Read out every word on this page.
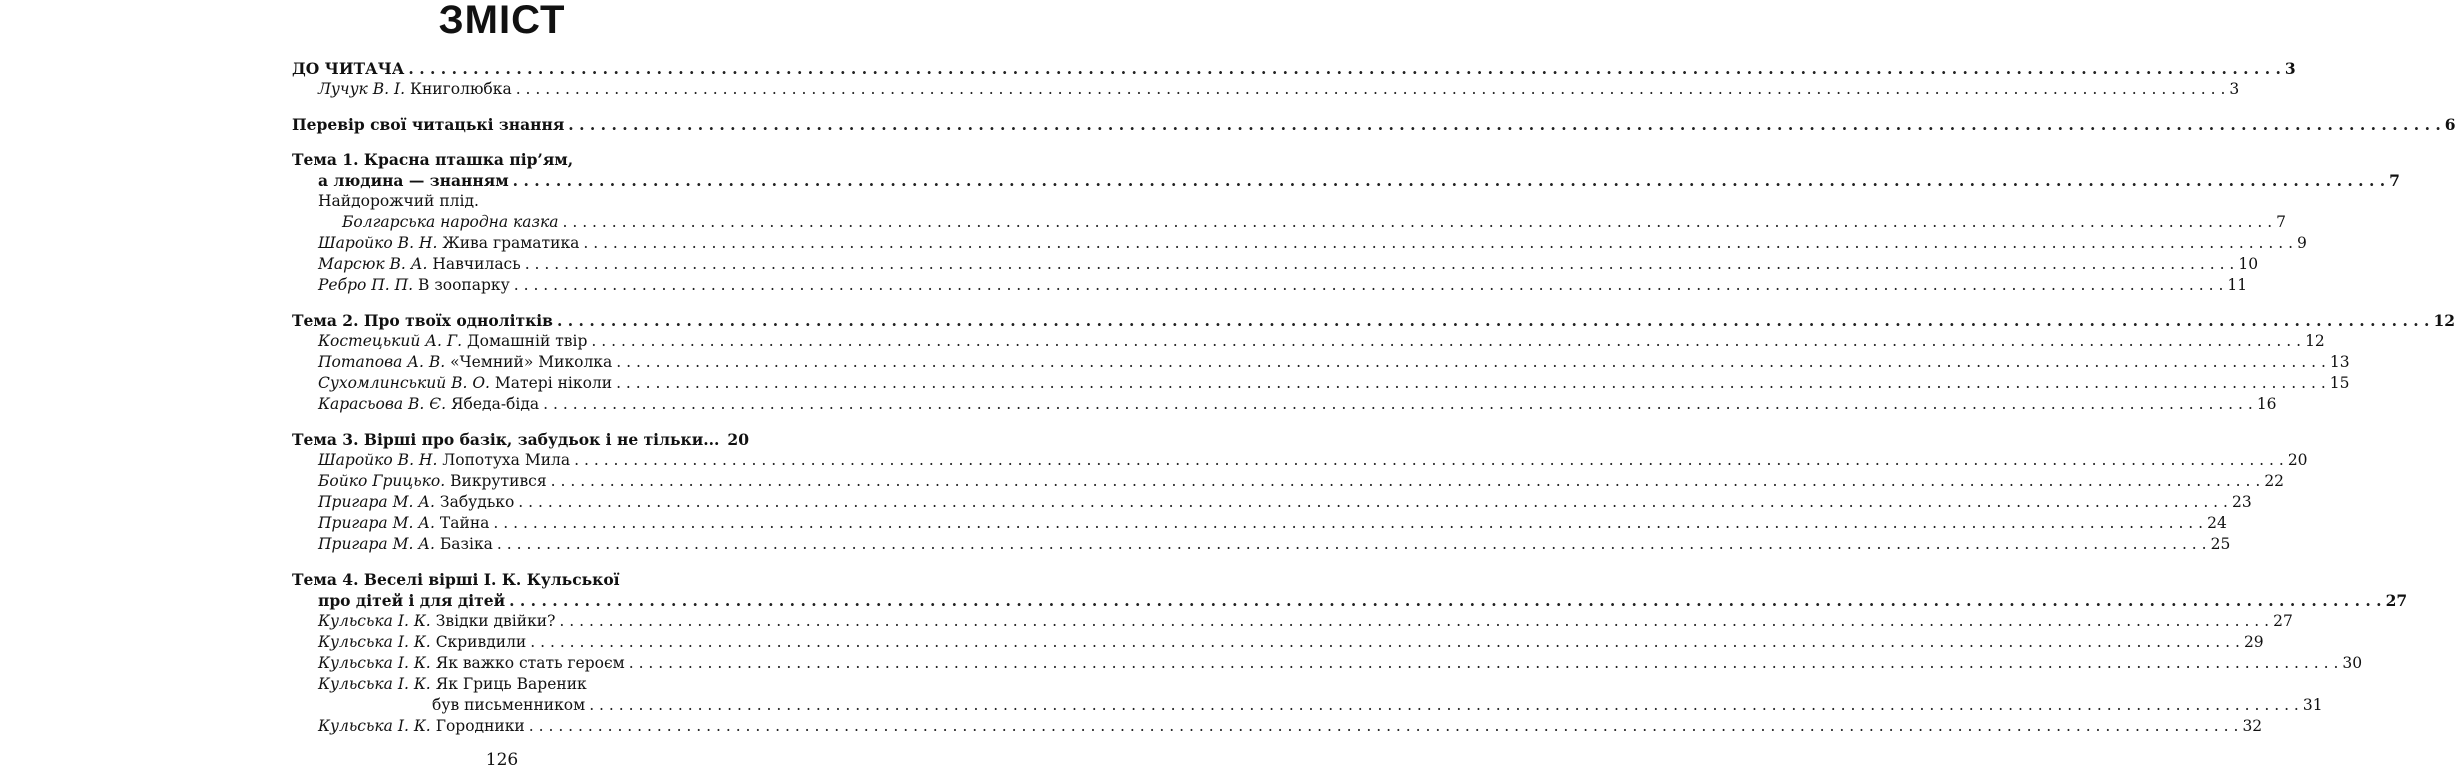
ЗМІСТ
ДО ЧИТАЧА . . .	3
Лучук В. І. Книголюбка . . .	3
Перевір свої читацькі знання . . .	6
Тема 1. Красна пташка пір’ям,
а людина — знанням . . .	7
Найдорожчий плід.
Болгарська народна казка . . .	7
Шаройко В. Н. Жива граматика . . .	9
Марсюк В. А. Навчилась . . .	10
Ребро П. П. В зоопарку . . .	11
Тема 2. Про твоїх однолітків . . .	12
Костецький А. Г. Домашній твір . . .	12
Потапова А. В. «Чемний» Миколка . . .	13
Сухомлинський В. О. Матері ніколи . . .	15
Карасьова В. Є. Ябеда-біда . . .	16
Тема 3. Вірші про базік, забудьок і не тільки... 20
Шаройко В. Н. Лопотуха Мила . . .	20
Бойко Грицько. Викрутився . . .	22
Пригара М. А. Забудько . . .	23
Пригара М. А. Тайна . . .	24
Пригара М. А. Базіка . . .	25
Тема 4. Веселі вірші І. К. Кульської
про дітей і для дітей . . .	27
Кульська І. К. Звідки двійки? . . .	27
Кульська І. К. Скривдили . . .	29
Кульська І. К. Як важко стать героєм . . .	30
Кульська І. К. Як Гриць Вареник
був письменником . . .	31
Кульська І. К. Городники . . .	32
126
